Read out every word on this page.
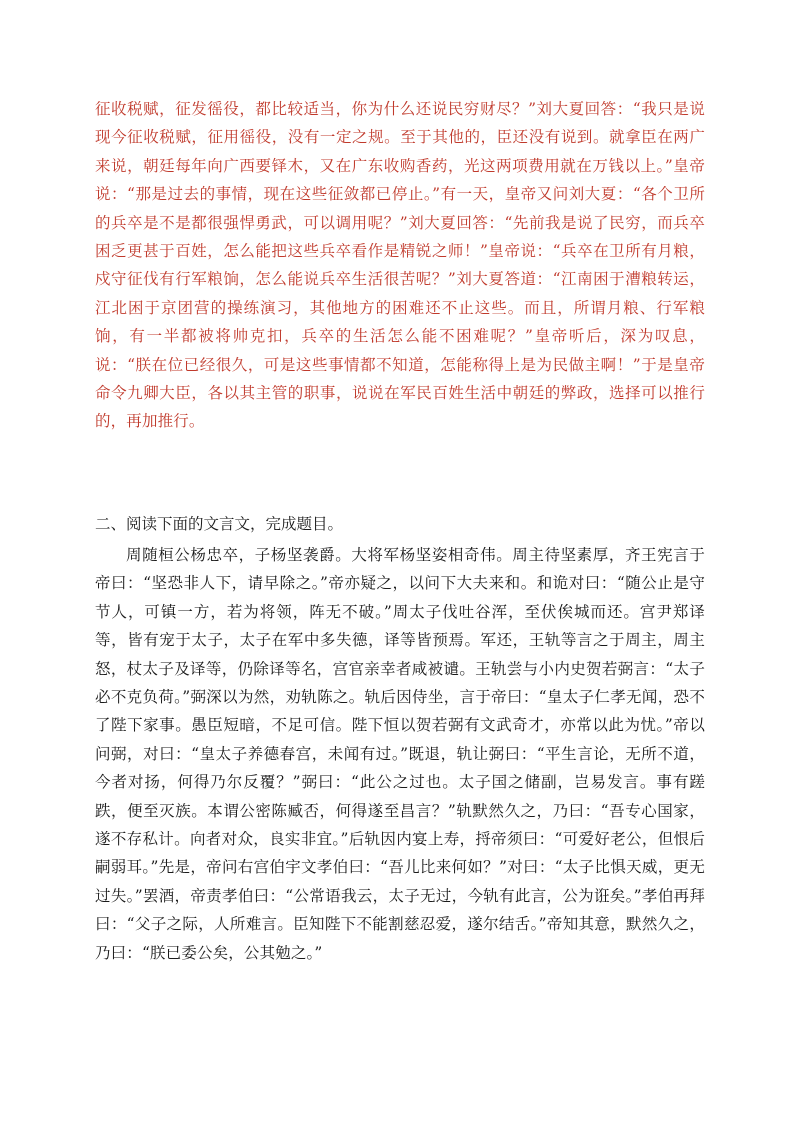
征收税赋，征发徭役，都比较适当，你为什么还说民穷财尽？”刘大夏回答：“我只是说现今征收税赋，征用徭役，没有一定之规。至于其他的，臣还没有说到。就拿臣在两广来说，朝廷每年向广西要铎木，又在广东收购香药，光这两项费用就在万钱以上。”皇帝说：“那是过去的事情，现在这些征敛都已停止。”有一天，皇帝又问刘大夏：“各个卫所的兵卒是不是都很强悍勇武，可以调用呢？”刘大夏回答：“先前我是说了民穷，而兵卒困乏更甚于百姓，怎么能把这些兵卒看作是精锐之师！”皇帝说：“兵卒在卫所有月粮，戍守征伐有行军粮饷，怎么能说兵卒生活很苦呢？”刘大夏答道：“江南困于漕粮转运，江北困于京团营的操练演习，其他地方的困难还不止这些。而且，所谓月粮、行军粮饷，有一半都被将帅克扣，兵卒的生活怎么能不困难呢？”皇帝听后，深为叹息，说：“朕在位已经很久，可是这些事情都不知道，怎能称得上是为民做主啊！”于是皇帝命令九卿大臣，各以其主管的职事，说说在军民百姓生活中朝廷的弊政，选择可以推行的，再加推行。

二、阅读下面的文言文，完成题目。

周随桓公杨忠卒，子杨坚袭爵。大将军杨坚姿相奇伟。周主待坚素厚，齐王宪言于帝曰：“坚恐非人下，请早除之。”帝亦疑之，以问下大夫来和。和诡对曰：“随公止是守节人，可镇一方，若为将领，阵无不破。”周太子伐吐谷浑，至伏俟城而还。宫尹郑译等，皆有宠于太子，太子在军中多失德，译等皆预焉。军还，王轨等言之于周主，周主怒，杖太子及译等，仍除译等名，宫官亲幸者咸被谴。王轨尝与小内史贺若弼言：“太子必不克负荷。”弼深以为然，劝轨陈之。轨后因侍坐，言于帝曰：“皇太子仁孝无闻，恐不了陛下家事。愚臣短暗，不足可信。陛下恒以贺若弼有文武奇才，亦常以此为忧。”帝以问弼，对曰：“皇太子养德春宫，未闻有过。”既退，轨让弼曰：“平生言论，无所不道，今者对扬，何得乃尔反覆？”弼曰：“此公之过也。太子国之储副，岂易发言。事有蹉跌，便至灭族。本谓公密陈臧否，何得遂至昌言？”轨默然久之，乃曰：“吾专心国家，遂不存私计。向者对众，良实非宜。”后轨因内宴上寿，捋帝须曰：“可爱好老公，但恨后嗣弱耳。”先是，帝问右宫伯宇文孝伯曰：“吾儿比来何如？”对曰：“太子比惧天威，更无过失。”罢酒，帝责孝伯曰：“公常语我云，太子无过，今轨有此言，公为诳矣。”孝伯再拜曰：“父子之际，人所难言。臣知陛下不能割慈忍爱，遂尔结舌。”帝知其意，默然久之，乃曰：“朕已委公矣，公其勉之。”
